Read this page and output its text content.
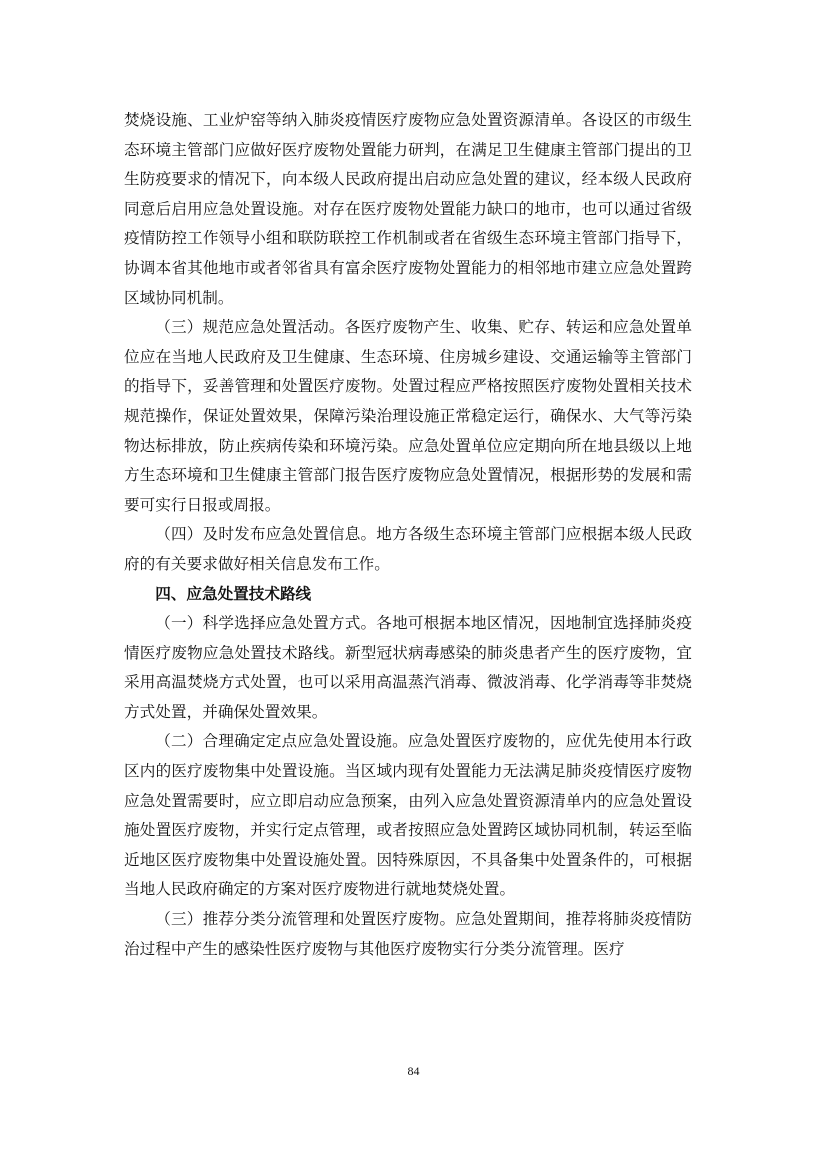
焚烧设施、工业炉窑等纳入肺炎疫情医疗废物应急处置资源清单。各设区的市级生态环境主管部门应做好医疗废物处置能力研判，在满足卫生健康主管部门提出的卫生防疫要求的情况下，向本级人民政府提出启动应急处置的建议，经本级人民政府同意后启用应急处置设施。对存在医疗废物处置能力缺口的地市，也可以通过省级疫情防控工作领导小组和联防联控工作机制或者在省级生态环境主管部门指导下，协调本省其他地市或者邻省具有富余医疗废物处置能力的相邻地市建立应急处置跨区域协同机制。

（三）规范应急处置活动。各医疗废物产生、收集、贮存、转运和应急处置单位应在当地人民政府及卫生健康、生态环境、住房城乡建设、交通运输等主管部门的指导下，妥善管理和处置医疗废物。处置过程应严格按照医疗废物处置相关技术规范操作，保证处置效果，保障污染治理设施正常稳定运行，确保水、大气等污染物达标排放，防止疾病传染和环境污染。应急处置单位应定期向所在地县级以上地方生态环境和卫生健康主管部门报告医疗废物应急处置情况，根据形势的发展和需要可实行日报或周报。

（四）及时发布应急处置信息。地方各级生态环境主管部门应根据本级人民政府的有关要求做好相关信息发布工作。

四、应急处置技术路线

（一）科学选择应急处置方式。各地可根据本地区情况，因地制宜选择肺炎疫情医疗废物应急处置技术路线。新型冠状病毒感染的肺炎患者产生的医疗废物，宜采用高温焚烧方式处置，也可以采用高温蒸汽消毒、微波消毒、化学消毒等非焚烧方式处置，并确保处置效果。

（二）合理确定定点应急处置设施。应急处置医疗废物的，应优先使用本行政区内的医疗废物集中处置设施。当区域内现有处置能力无法满足肺炎疫情医疗废物应急处置需要时，应立即启动应急预案，由列入应急处置资源清单内的应急处置设施处置医疗废物，并实行定点管理，或者按照应急处置跨区域协同机制，转运至临近地区医疗废物集中处置设施处置。因特殊原因，不具备集中处置条件的，可根据当地人民政府确定的方案对医疗废物进行就地焚烧处置。

（三）推荐分类分流管理和处置医疗废物。应急处置期间，推荐将肺炎疫情防治过程中产生的感染性医疗废物与其他医疗废物实行分类分流管理。医疗

84
